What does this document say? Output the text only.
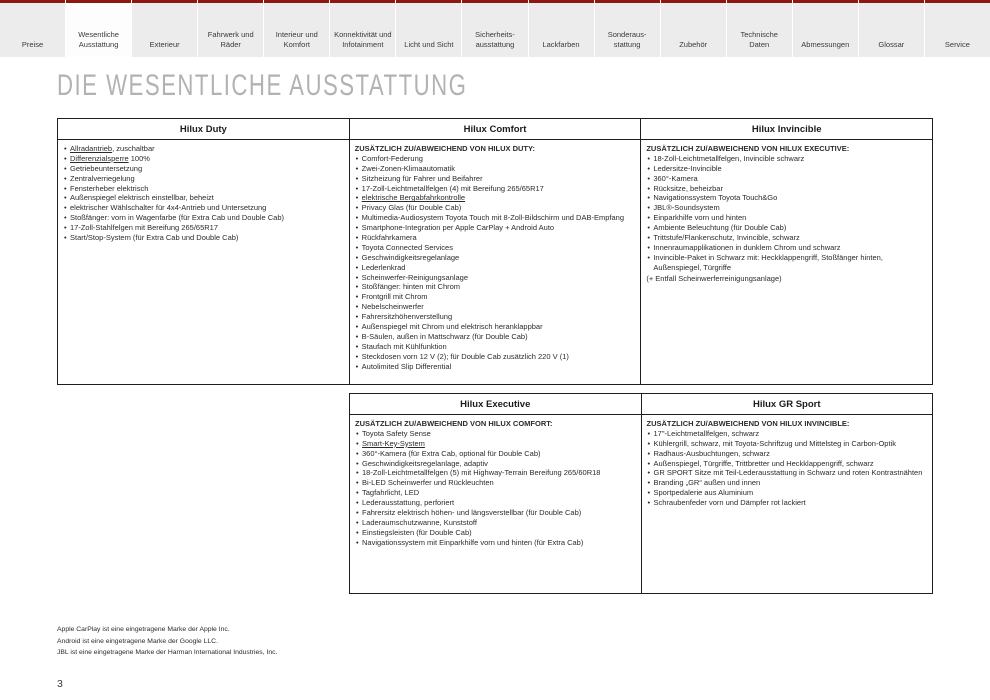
Preise
Wesentliche Ausstattung	Exterieur
Fahrwerk und Räder
Interieur und Komfort
Konnektivität und Infotainment	Licht und Sicht
Sicherheits-ausstattung	Lackfarben
Sonderaus-stattung	Zubehör
Technische Daten	Abmessungen	Glossar	Service
DIE WESENTLICHE AUSSTATTUNG
Hilux Duty
• Allradantrieb, zuschaltbar
• Differenzialsperre 100%
• Getriebeuntersetzung
• Zentralverriegelung
• Fensterheber elektrisch
• Außenspiegel elektrisch einstellbar, beheizt
• elektrischer Wählschalter für 4x4-Antrieb und Untersetzung
• Stoßfänger: vorn in Wagenfarbe (für Extra Cab und Double Cab)
• 17-Zoll-Stahlfelgen mit Bereifung 265/65R17
• Start/Stop-System (für Extra Cab und Double Cab)
Hilux Comfort
ZUSÄTZLICH ZU/ABWEICHEND VON HILUX DUTY:
• Comfort-Federung
• Zwei-Zonen-Klimaautomatik
• Sitzheizung für Fahrer und Beifahrer
• 17-Zoll-Leichtmetallfelgen (4) mit Bereifung 265/65R17
• elektrische Bergabfahrkontrolle
• Privacy Glas (für Double Cab)
• Multimedia-Audiosystem Toyota Touch mit 8-Zoll-Bildschirm und DAB-Empfang
• Smartphone-Integration per Apple CarPlay + Android Auto
• Rückfahrkamera
• Toyota Connected Services
• Geschwindigkeitsregelanlage
• Lederlenkrad
• Scheinwerfer-Reinigungsanlage
• Stoßfänger: hinten mit Chrom
• Frontgrill mit Chrom
• Nebelscheinwerfer
• Fahrersitzhöhenverstellung
• Außenspiegel mit Chrom und elektrisch heranklappbar
• B-Säulen, außen in Mattschwarz (für Double Cab)
• Staufach mit Kühlfunktion
• Steckdosen vorn 12 V (2); für Double Cab zusätzlich 220 V (1)
• Autolimited Slip Differential
Hilux Invincible
ZUSÄTZLICH ZU/ABWEICHEND VON HILUX EXECUTIVE:
• 18-Zoll-Leichtmetallfelgen, Invincible schwarz
• Ledersitze-Invincible
• 360°-Kamera
• Rücksitze, beheizbar
• Navigationssystem Toyota Touch&Go
• JBL®-Soundsystem
• Einparkhilfe vorn und hinten
• Ambiente Beleuchtung (für Double Cab)
• Trittstufe/Flankenschutz, Invincible, schwarz
• Innenraumapplikationen in dunklem Chrom und schwarz
• Invincible-Paket in Schwarz mit: Heckklappengriff, Stoßfänger hinten, Außenspiegel, Türgriffe
(+ Entfall Scheinwerferreinigungsanlage)
Hilux Executive
ZUSÄTZLICH ZU/ABWEICHEND VON HILUX COMFORT:
• Toyota Safety Sense
• Smart-Key-System
• 360°-Kamera (für Extra Cab, optional für Double Cab)
• Geschwindigkeitsregelanlage, adaptiv
• 18-Zoll-Leichtmetallfelgen (5) mit Highway-Terrain Bereifung 265/60R18
• Bi-LED Scheinwerfer und Rückleuchten
• Tagfahrlicht, LED
• Lederausstattung, perforiert
• Fahrersitz elektrisch höhen- und längsverstellbar (für Double Cab)
• Laderaumschutzwanne, Kunststoff
• Einstiegsleisten (für Double Cab)
• Navigationssystem mit Einparkhilfe vorn und hinten (für Extra Cab)
Hilux GR Sport
ZUSÄTZLICH ZU/ABWEICHEND VON HILUX INVINCIBLE:
• 17"-Leichtmetallfelgen, schwarz
• Kühlergrill, schwarz, mit Toyota-Schriftzug und Mittelsteg in Carbon-Optik
• Radhaus-Ausbuchtungen, schwarz
• Außenspiegel, Türgriffe, Trittbretter und Heckklappengriff, schwarz
• GR SPORT Sitze mit Teil-Lederausstattung in Schwarz und roten Kontrastnähten
• Branding „GR“ außen und innen
• Sportpedalerie aus Aluminium
• Schraubenfeder vorn und Dämpfer rot lackiert
Apple CarPlay ist eine eingetragene Marke der Apple Inc.
Android ist eine eingetragene Marke der Google LLC.
JBL ist eine eingetragene Marke der Harman International Industries, Inc.
3
